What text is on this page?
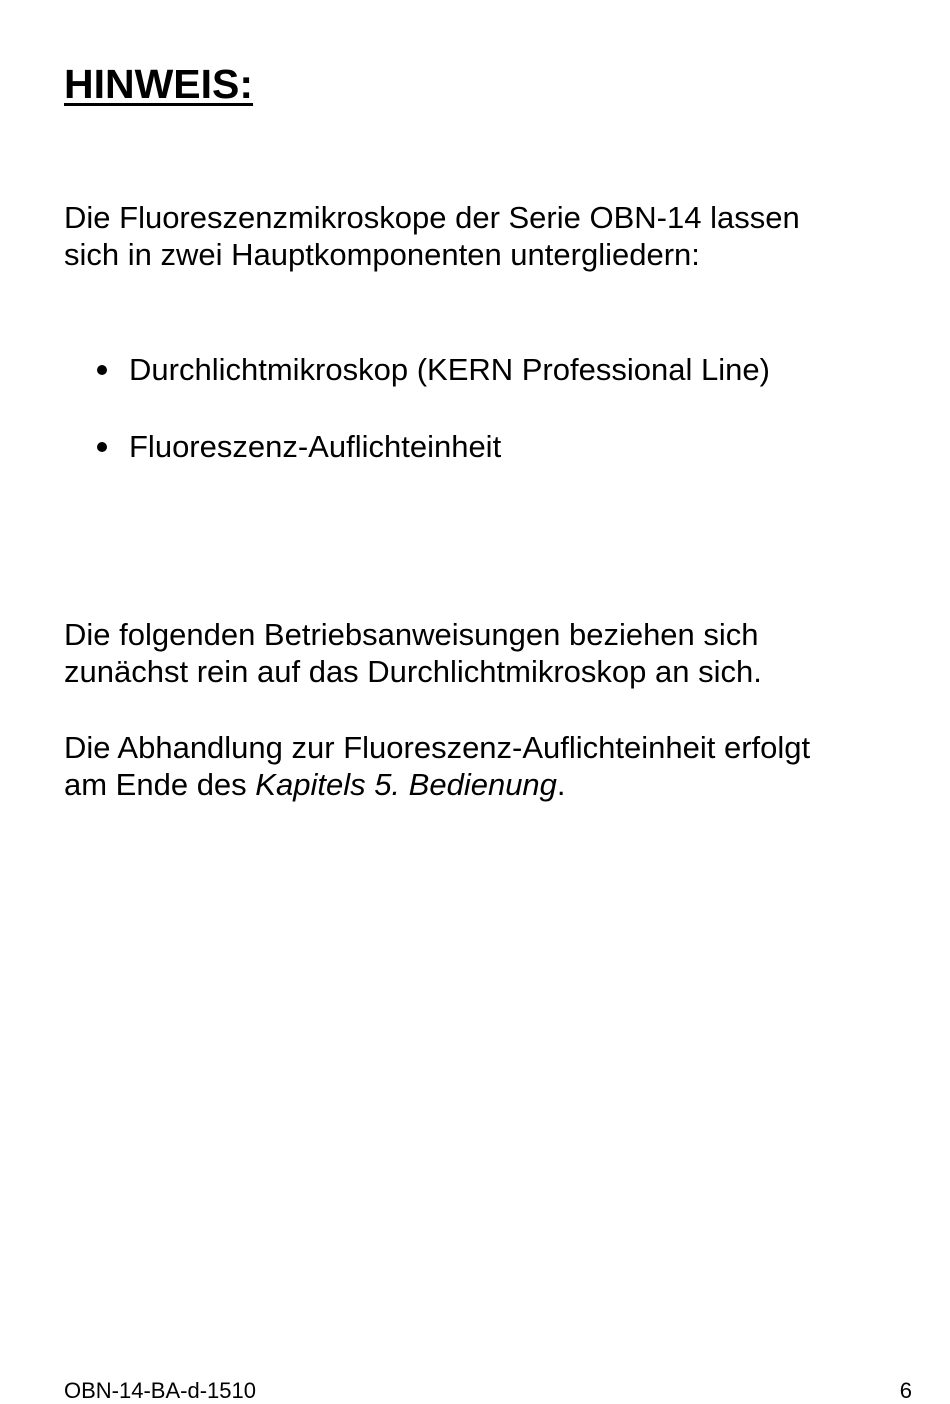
HINWEIS:

Die Fluoreszenzmikroskope der Serie OBN-14 lassen
sich in zwei Hauptkomponenten untergliedern:

Durchlichtmikroskop (KERN Professional Line)
Fluoreszenz-Auflichteinheit

Die folgenden Betriebsanweisungen beziehen sich
zunächst rein auf das Durchlichtmikroskop an sich.

Die Abhandlung zur Fluoreszenz-Auflichteinheit erfolgt
am Ende des Kapitels 5. Bedienung.

OBN-14-BA-d-1510	6
